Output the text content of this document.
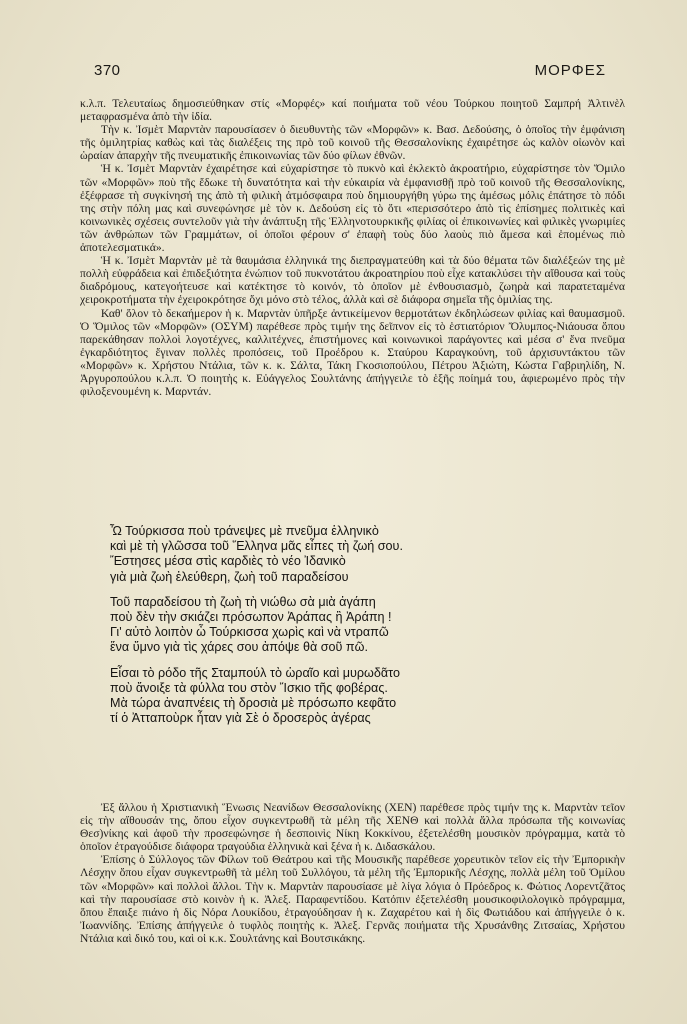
370	ΜΟΡΦΕΣ

κ.λ.π. Τελευταίως δημοσιεύθηκαν στίς «Μορφές» καί ποιήματα τοῦ νέου Τούρκου ποιητοῦ Σαμπρή Ἀλτινὲλ μεταφρασμένα ἀπὸ τὴν ἰδία.

Τὴν κ. Ἰσμὲτ Μαρντὰν παρουσίασεν ὁ διευθυντὴς τῶν «Μορφῶν» κ. Βασ. Δεδούσης, ὁ ὁποῖος τὴν ἐμφάνιση τῆς ὁμιλητρίας καθὼς καὶ τὰς διαλέξεις της πρὸ τοῦ κοινοῦ τῆς Θεσσαλονίκης ἐχαιρέτησε ὡς καλὸν οἰωνὸν καὶ ὡραίαν ἀπαρχὴν τῆς πνευματικῆς ἐπικοινωνίας τῶν δύο φίλων ἐθνῶν.

Ἡ κ. Ἰσμὲτ Μαρντὰν ἐχαιρέτησε καὶ εὐχαρίστησε τὸ πυκνὸ καὶ ἐκλεκτὸ ἀκροατήριο, εὐχαρίστησε τὸν Ὅμιλο τῶν «Μορφῶν» ποὺ τῆς ἔδωκε τὴ δυνατότητα καὶ τὴν εὐκαιρία νὰ ἐμφανισθῇ πρὸ τοῦ κοινοῦ τῆς Θεσσαλονίκης, ἐξέφρασε τὴ συγκίνησή της ἀπὸ τὴ φιλικὴ ἀτμόσφαιρα ποὺ δημιουργήθη γύρω της ἀμέσως μόλις ἐπάτησε τὸ πόδι της στὴν πόλη μας καὶ συνεφώνησε μὲ τὸν κ. Δεδούση εἰς τὸ ὅτι «περισσότερο ἀπὸ τὶς ἐπίσημες πολιτικὲς καὶ κοινωνικὲς σχέσεις συντελοῦν γιὰ τὴν ἀνάπτυξη τῆς Ἑλληνοτουρκικῆς φιλίας οἱ ἐπικοινωνίες καὶ φιλικὲς γνωριμίες τῶν ἀνθρώπων τῶν Γραμμάτων, οἱ ὁποῖοι φέρουν σ' ἐπαφὴ τοὺς δύο λαοὺς πιὸ ἄμεσα καὶ ἑπομένως πιὸ ἀποτελεσματικά».

Ἡ κ. Ἰσμὲτ Μαρντὰν μὲ τὰ θαυμάσια ἑλληνικά της διεπραγματεύθη καὶ τὰ δύο θέματα τῶν διαλέξεών της μὲ πολλὴ εὐφράδεια καὶ ἐπιδεξιότητα ἐνώπιον τοῦ πυκνοτάτου ἀκροατηρίου ποὺ εἶχε κατακλύσει τὴν αἴθουσα καὶ τοὺς διαδρόμους, κατεγοήτευσε καὶ κατέκτησε τὸ κοινόν, τὸ ὁποῖον μὲ ἐνθουσιασμὸ, ζωηρὰ καὶ παρατεταμένα χειροκροτήματα τὴν ἐχειροκρότησε ὄχι μόνο στὸ τέλος, ἀλλὰ καὶ σὲ διάφορα σημεῖα τῆς ὁμιλίας της.

Καθ' ὅλον τὸ δεκαήμερον ἡ κ. Μαρντὰν ὑπῆρξε ἀντικείμενον θερμοτάτων ἐκδηλώσεων φιλίας καὶ θαυμασμοῦ. Ὁ Ὅμιλος τῶν «Μορφῶν» (ΟΣΥΜ) παρέθεσε πρὸς τιμήν της δεῖπνον εἰς τὸ ἑστιατόριον Ὄλυμπος-Νιάουσα ὅπου παρεκάθησαν πολλοὶ λογοτέχνες, καλλιτέχνες, ἐπιστήμονες καὶ κοινωνικοὶ παράγοντες καὶ μέσα σ' ἕνα πνεῦμα ἐγκαρδιότητος ἔγιναν πολλὲς προπόσεις, τοῦ Προέδρου κ. Σταύρου Καραγκούνη, τοῦ ἀρχισυντάκτου τῶν «Μορφῶν» κ. Χρήστου Ντάλια, τῶν κ. κ. Σάλτα, Τάκη Γκοσιοπούλου, Πέτρου Ἀξιώτη, Κώστα Γαβριηλίδη, Ν. Ἀργυροπούλου κ.λ.π. Ὁ ποιητὴς κ. Εὐάγγελος Σουλτάνης ἀπήγγειλε τὸ ἑξῆς ποίημά του, ἀφιερωμένο πρὸς τὴν φιλοξενουμένη κ. Μαρντάν.

Ὦ Τούρκισσα ποὺ τράνεψες μὲ πνεῦμα ἑλληνικὸ
καὶ μὲ τὴ γλῶσσα τοῦ Ἕλληνα μᾶς εἶπες τὴ ζωή σου.
Ἔστησες μέσα στὶς καρδιὲς τὸ νέο Ἰδανικὸ
γιὰ μιὰ ζωὴ ἐλεύθερη, ζωὴ τοῦ παραδείσου
Τοῦ παραδείσου τὴ ζωὴ τὴ νιώθω σὰ μιὰ ἀγάπη
ποὺ δὲν τὴν σκιάζει πρόσωπον Ἀράπας ἢ Ἀράπη !
Γι' αὐτὸ λοιπὸν ὦ Τούρκισσα χωρὶς καὶ νὰ ντραπῶ
ἕνα ὕμνο γιὰ τὶς χάρες σου ἀπόψε θὰ σοῦ πῶ.
Εἶσαι τὸ ρόδο τῆς Σταμπούλ τὸ ὡραῖο καὶ μυρωδᾶτο
ποὺ ἄνοιξε τὰ φύλλα του στὸν Ἴσκιο τῆς φοβέρας.
Μὰ τώρα ἀναπνέεις τὴ δροσιὰ μὲ πρόσωπο κεφᾶτο
τί ὁ Ἀτταποὺρκ ἦταν γιὰ Σὲ ὁ δροσερὸς ἀγέρας

Ἐξ ἄλλου ἡ Χριστιανικὴ Ἕνωσις Νεανίδων Θεσσαλονίκης (ΧΕΝ) παρέθεσε πρὸς τιμήν της κ. Μαρντὰν τεῖον εἰς τὴν αἴθουσάν της, ὅπου εἶχον συγκεντρωθῆ τὰ μέλη τῆς ΧΕΝΘ καὶ πολλὰ ἄλλα πρόσωπα τῆς κοινωνίας Θεσ)νίκης καὶ ἀφοῦ τὴν προσεφώνησε ἡ δεσποινὶς Νίκη Κοκκίνου, ἐξετελέσθη μουσικὸν πρόγραμμα, κατὰ τὸ ὁποῖον ἐτραγούδισε διάφορα τραγούδια ἑλληνικὰ καὶ ξένα ἡ κ. Διδασκάλου.

Ἐπίσης ὁ Σύλλογος τῶν Φίλων τοῦ Θεάτρου καὶ τῆς Μουσικῆς παρέθεσε χορευτικὸν τεῖον εἰς τὴν Ἐμπορικὴν Λέσχην ὅπου εἶχαν συγκεντρωθῆ τὰ μέλη τοῦ Συλλόγου, τὰ μέλη τῆς Ἐμπορικῆς Λέσχης, πολλὰ μέλη τοῦ Ὁμίλου τῶν «Μορφῶν» καὶ πολλοὶ ἄλλοι. Τὴν κ. Μαρντὰν παρουσίασε μὲ λίγα λόγια ὁ Πρόεδρος κ. Φώτιος Λορεντζᾶτος καὶ τὴν παρουσίασε στὸ κοινὸν ἡ κ. Ἀλεξ. Παραφεντίδου. Κατόπιν ἐξετελέσθη μουσικοφιλολογικὸ πρόγραμμα, ὅπου ἔπαιξε πιάνο ἡ δὶς Νόρα Λουκίδου, ἐτραγούδησαν ἡ κ. Ζαχαρέτου καὶ ἡ δὶς Φωτιάδου καὶ ἀπήγγειλε ὁ κ. Ἰωαννίδης. Ἐπίσης ἀπήγγειλε ὁ τυφλὸς ποιητὴς κ. Ἀλεξ. Γερνᾶς ποιήματα τῆς Χρυσάνθης Ζιτσαίας, Χρήστου Ντάλια καὶ δικό του, καὶ οἱ κ.κ. Σουλτάνης καὶ Βουτσικάκης.
